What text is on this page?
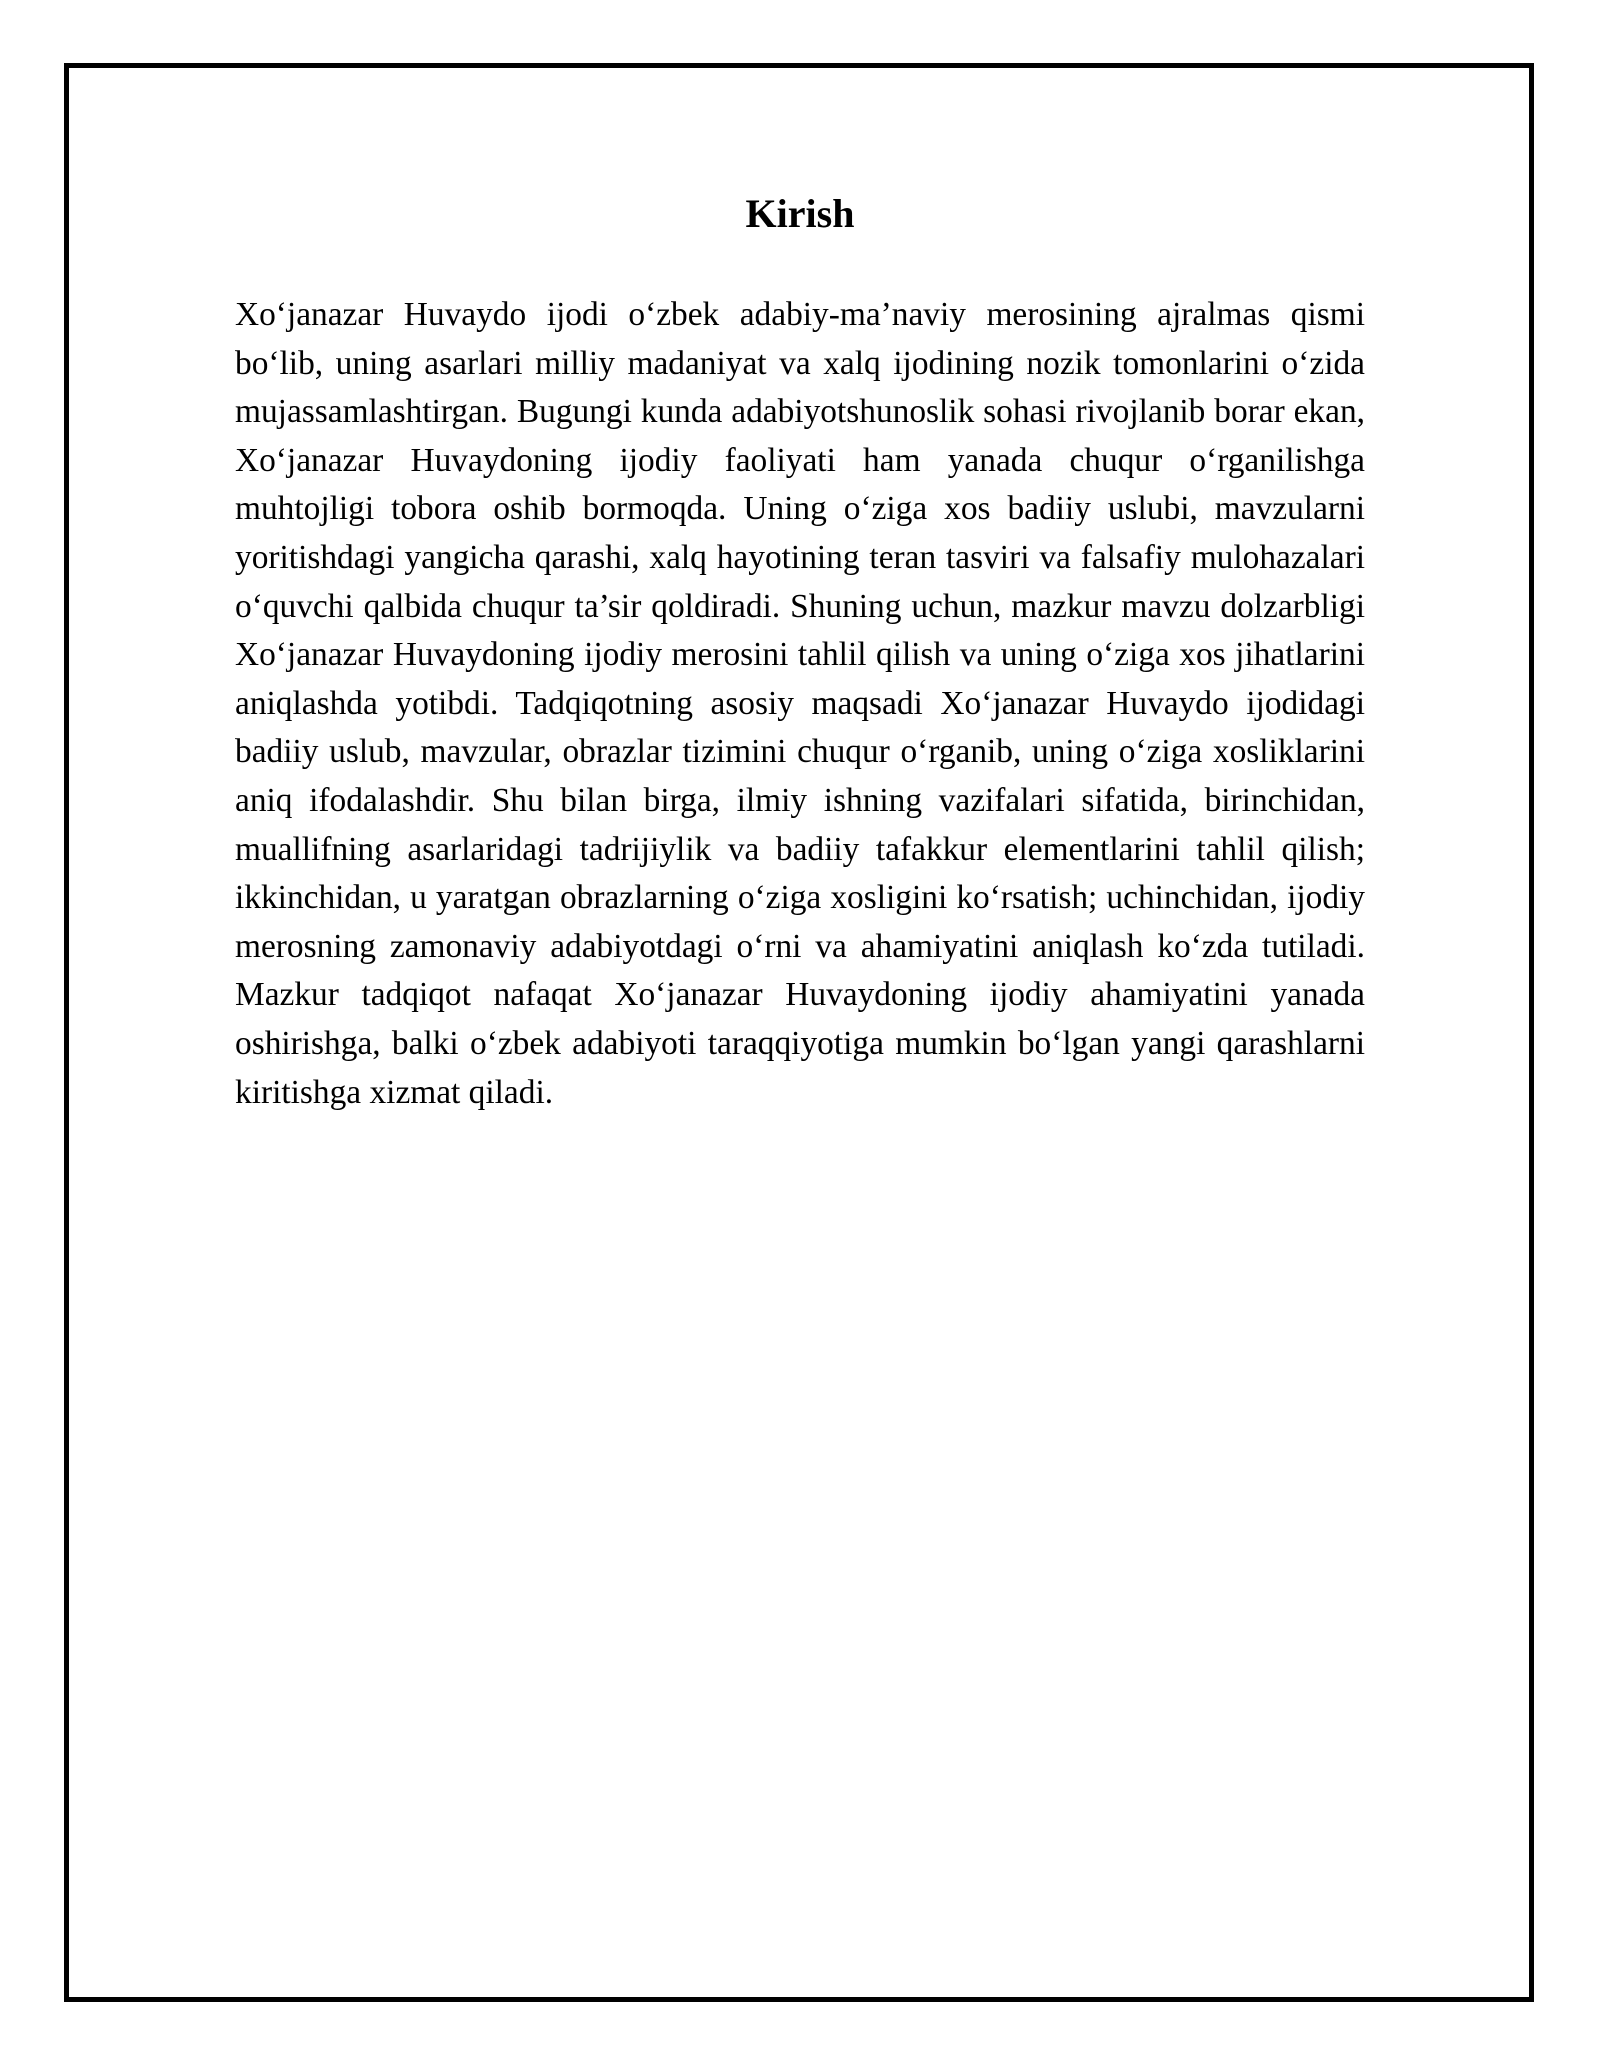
Kirish

Xo‘janazar Huvaydo ijodi o‘zbek adabiy-ma’naviy merosining ajralmas qismi bo‘lib, uning asarlari milliy madaniyat va xalq ijodining nozik tomonlarini o‘zida mujassamlashtirgan. Bugungi kunda adabiyotshunoslik sohasi rivojlanib borar ekan, Xo‘janazar Huvaydoning ijodiy faoliyati ham yanada chuqur o‘rganilishga muhtojligi tobora oshib bormoqda. Uning o‘ziga xos badiiy uslubi, mavzularni yoritishdagi yangicha qarashi, xalq hayotining teran tasviri va falsafiy mulohazalari o‘quvchi qalbida chuqur ta’sir qoldiradi. Shuning uchun, mazkur mavzu dolzarbligi Xo‘janazar Huvaydoning ijodiy merosini tahlil qilish va uning o‘ziga xos jihatlarini aniqlashda yotibdi. Tadqiqotning asosiy maqsadi Xo‘janazar Huvaydo ijodidagi badiiy uslub, mavzular, obrazlar tizimini chuqur o‘rganib, uning o‘ziga xosliklarini aniq ifodalashdir. Shu bilan birga, ilmiy ishning vazifalari sifatida, birinchidan, muallifning asarlaridagi tadrijiylik va badiiy tafakkur elementlarini tahlil qilish; ikkinchidan, u yaratgan obrazlarning o‘ziga xosligini ko‘rsatish; uchinchidan, ijodiy merosning zamonaviy adabiyotdagi o‘rni va ahamiyatini aniqlash ko‘zda tutiladi. Mazkur tadqiqot nafaqat Xo‘janazar Huvaydoning ijodiy ahamiyatini yanada oshirishga, balki o‘zbek adabiyoti taraqqiyotiga mumkin bo‘lgan yangi qarashlarni kiritishga xizmat qiladi.
